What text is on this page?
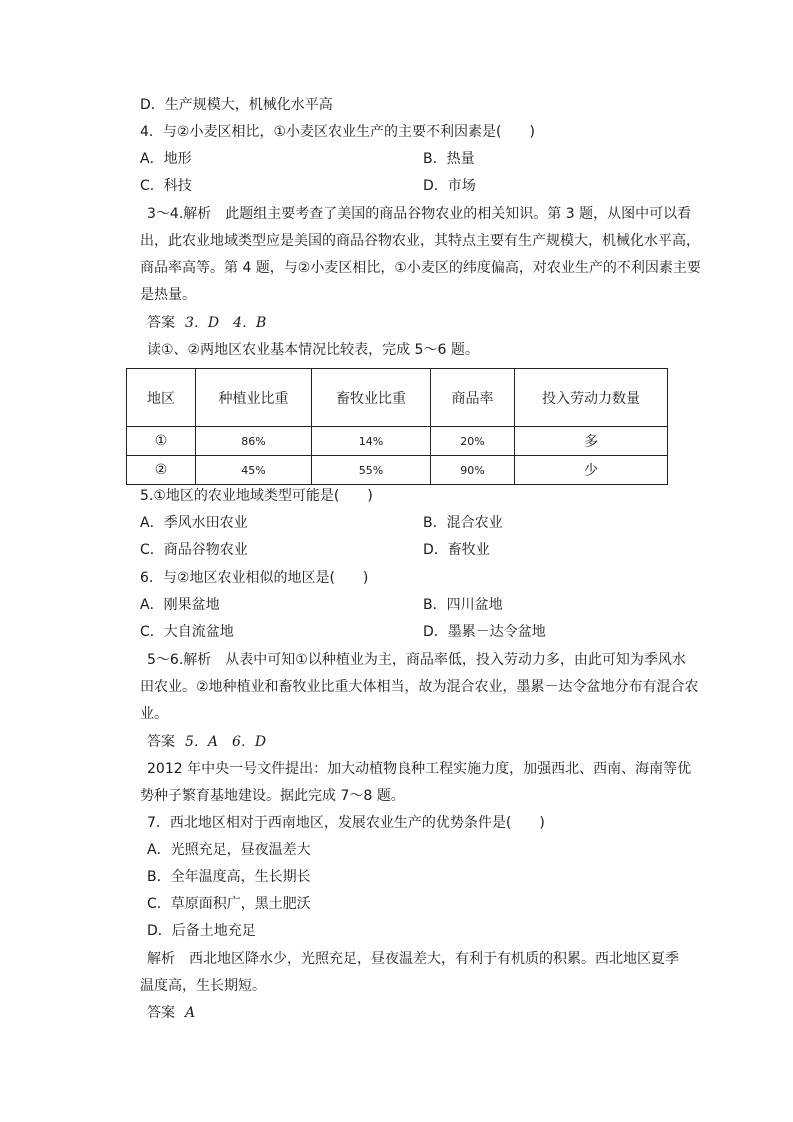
D．生产规模大，机械化水平高
4．与②小麦区相比，①小麦区农业生产的主要不利因素是(　　)
A．地形	B．热量
C．科技	D．市场
3～4.解析　此题组主要考查了美国的商品谷物农业的相关知识。第 3 题，从图中可以看
出，此农业地域类型应是美国的商品谷物农业，其特点主要有生产规模大，机械化水平高，
商品率高等。第 4 题，与②小麦区相比，①小麦区的纬度偏高，对农业生产的不利因素主要
是热量。
答案 3．D　4．B
读①、②两地区农业基本情况比较表，完成 5～6 题。
地区	种植业比重	畜牧业比重	商品率	投入劳动力数量
①	86%	14%	20%	多
②	45%	55%	90%	少
5.①地区的农业地域类型可能是(　　)
A．季风水田农业	B．混合农业
C．商品谷物农业	D．畜牧业
6．与②地区农业相似的地区是(　　)
A．刚果盆地	B．四川盆地
C．大自流盆地	D．墨累－达令盆地
5～6.解析　从表中可知①以种植业为主，商品率低，投入劳动力多，由此可知为季风水
田农业。②地种植业和畜牧业比重大体相当，故为混合农业，墨累－达令盆地分布有混合农
业。
答案 5．A　6．D
2012 年中央一号文件提出：加大动植物良种工程实施力度，加强西北、西南、海南等优
势种子繁育基地建设。据此完成 7～8 题。
7．西北地区相对于西南地区，发展农业生产的优势条件是(　　)
A．光照充足，昼夜温差大
B．全年温度高，生长期长
C．草原面积广，黑土肥沃
D．后备土地充足
解析　西北地区降水少，光照充足，昼夜温差大，有利于有机质的积累。西北地区夏季
温度高，生长期短。
答案 A
